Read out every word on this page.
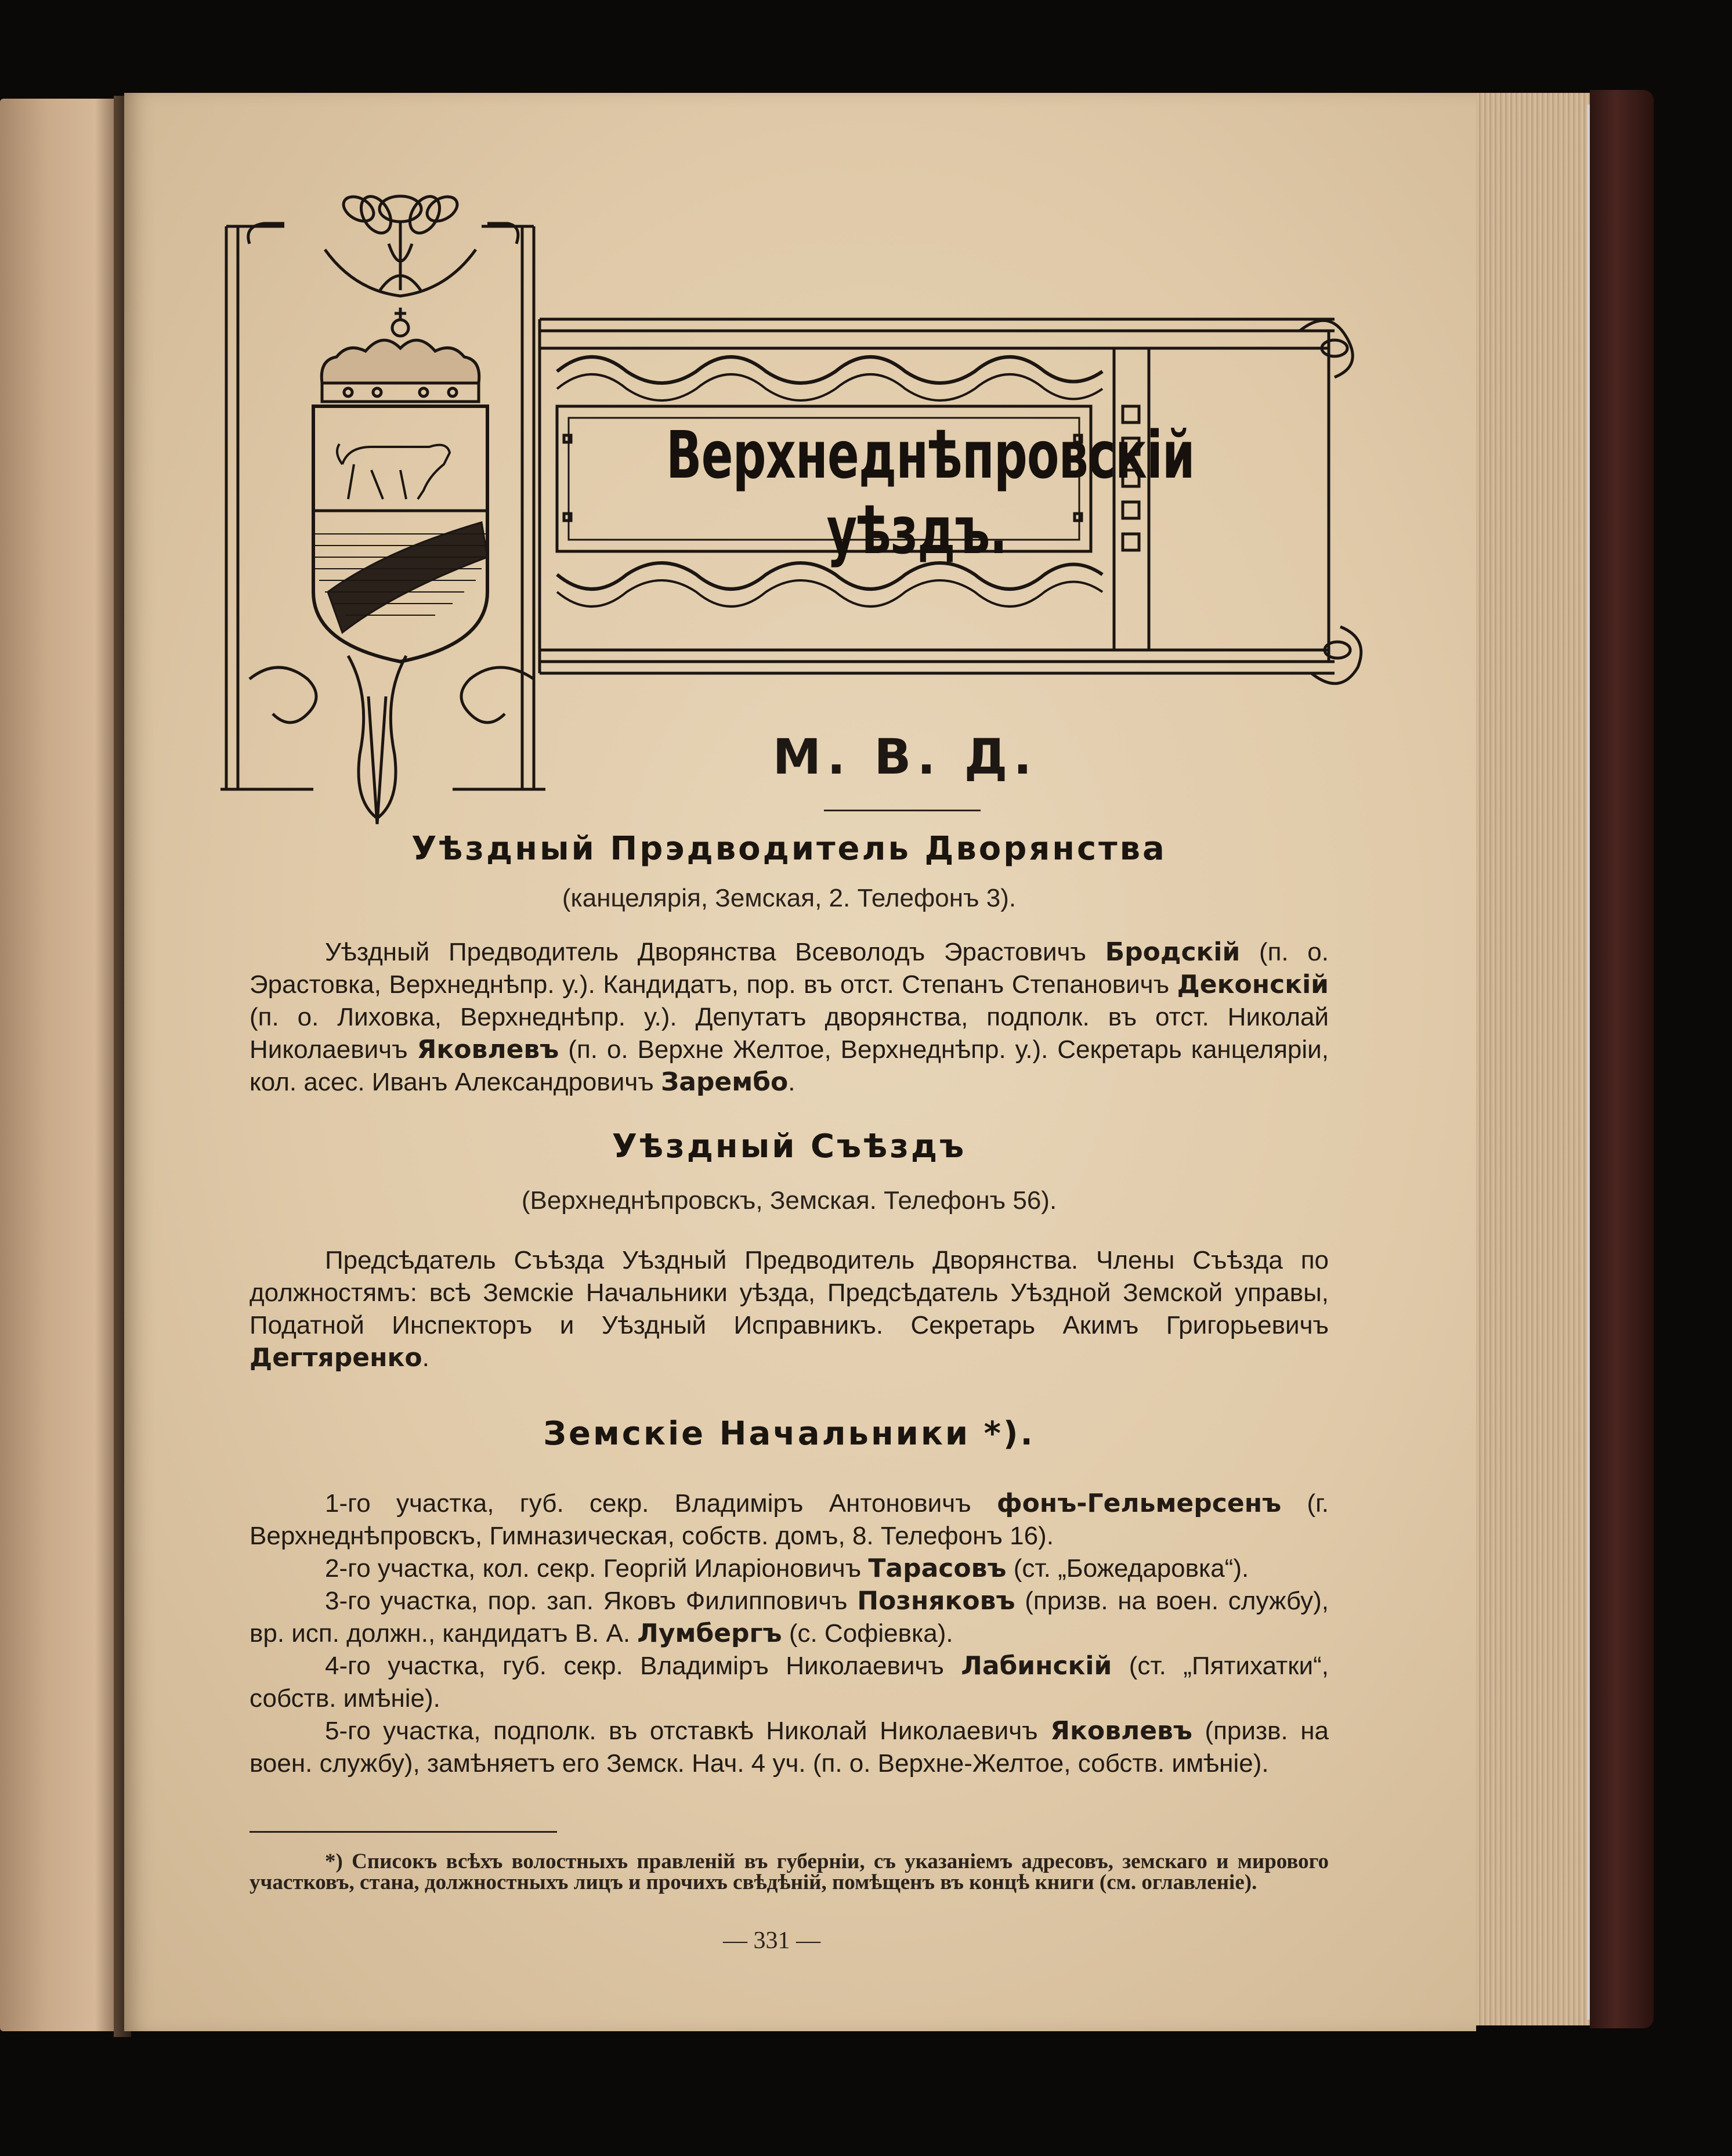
Верхнеднѣпровскій уѣздъ.
М. В. Д.
Уѣздный Прэдводитель Дворянства
(канцелярія, Земская, 2. Телефонъ 3).

Уѣздный Предводитель Дворянства Всеволодъ Эрастовичъ Бродскій (п. о. Эрастовка, Верхнеднѣпр. у.). Кандидатъ, пор. въ отст. Степанъ Степановичъ Деконскій (п. о. Лиховка, Верхнеднѣпр. у.). Депутатъ дворянства, подполк. въ отст. Николай Николаевичъ Яковлевъ (п. о. Верхне Желтое, Верхнеднѣпр. у.). Секретарь канцеляріи, кол. асес. Иванъ Александровичъ Зарембо.

Уѣздный Съѣздъ
(Верхнеднѣпровскъ, Земская. Телефонъ 56).

Предсѣдатель Съѣзда Уѣздный Предводитель Дворянства. Члены Съѣзда по должностямъ: всѣ Земскіе Начальники уѣзда, Предсѣдатель Уѣздной Земской управы, Податной Инспекторъ и Уѣздный Исправникъ. Секретарь Акимъ Григорьевичъ Дегтяренко.

Земскіе Начальники *).

1-го участка, губ. секр. Владиміръ Антоновичъ фонъ-Гельмерсенъ (г. Верхнеднѣпровскъ, Гимназическая, собств. домъ, 8. Телефонъ 16).

2-го участка, кол. секр. Георгій Иларіоновичъ Тарасовъ (ст. „Божедаровка“).

3-го участка, пор. зап. Яковъ Филипповичъ Позняковъ (призв. на воен. службу), вр. исп. должн., кандидатъ В. А. Лумбергъ (с. Софіевка).

4-го участка, губ. секр. Владиміръ Николаевичъ Лабинскій (ст. „Пятихатки“, собств. имѣніе).

5-го участка, подполк. въ отставкѣ Николай Николаевичъ Яковлевъ (призв. на воен. службу), замѣняетъ его Земск. Нач. 4 уч. (п. о. Верхне-Желтое, собств. имѣніе).

*) Списокъ всѣхъ волостныхъ правленій въ губерніи, съ указаніемъ адресовъ, земскаго и мирового участковъ, стана, должностныхъ лицъ и прочихъ свѣдѣній, помѣщенъ въ концѣ книги (см. оглавленіе).
— 331 —
